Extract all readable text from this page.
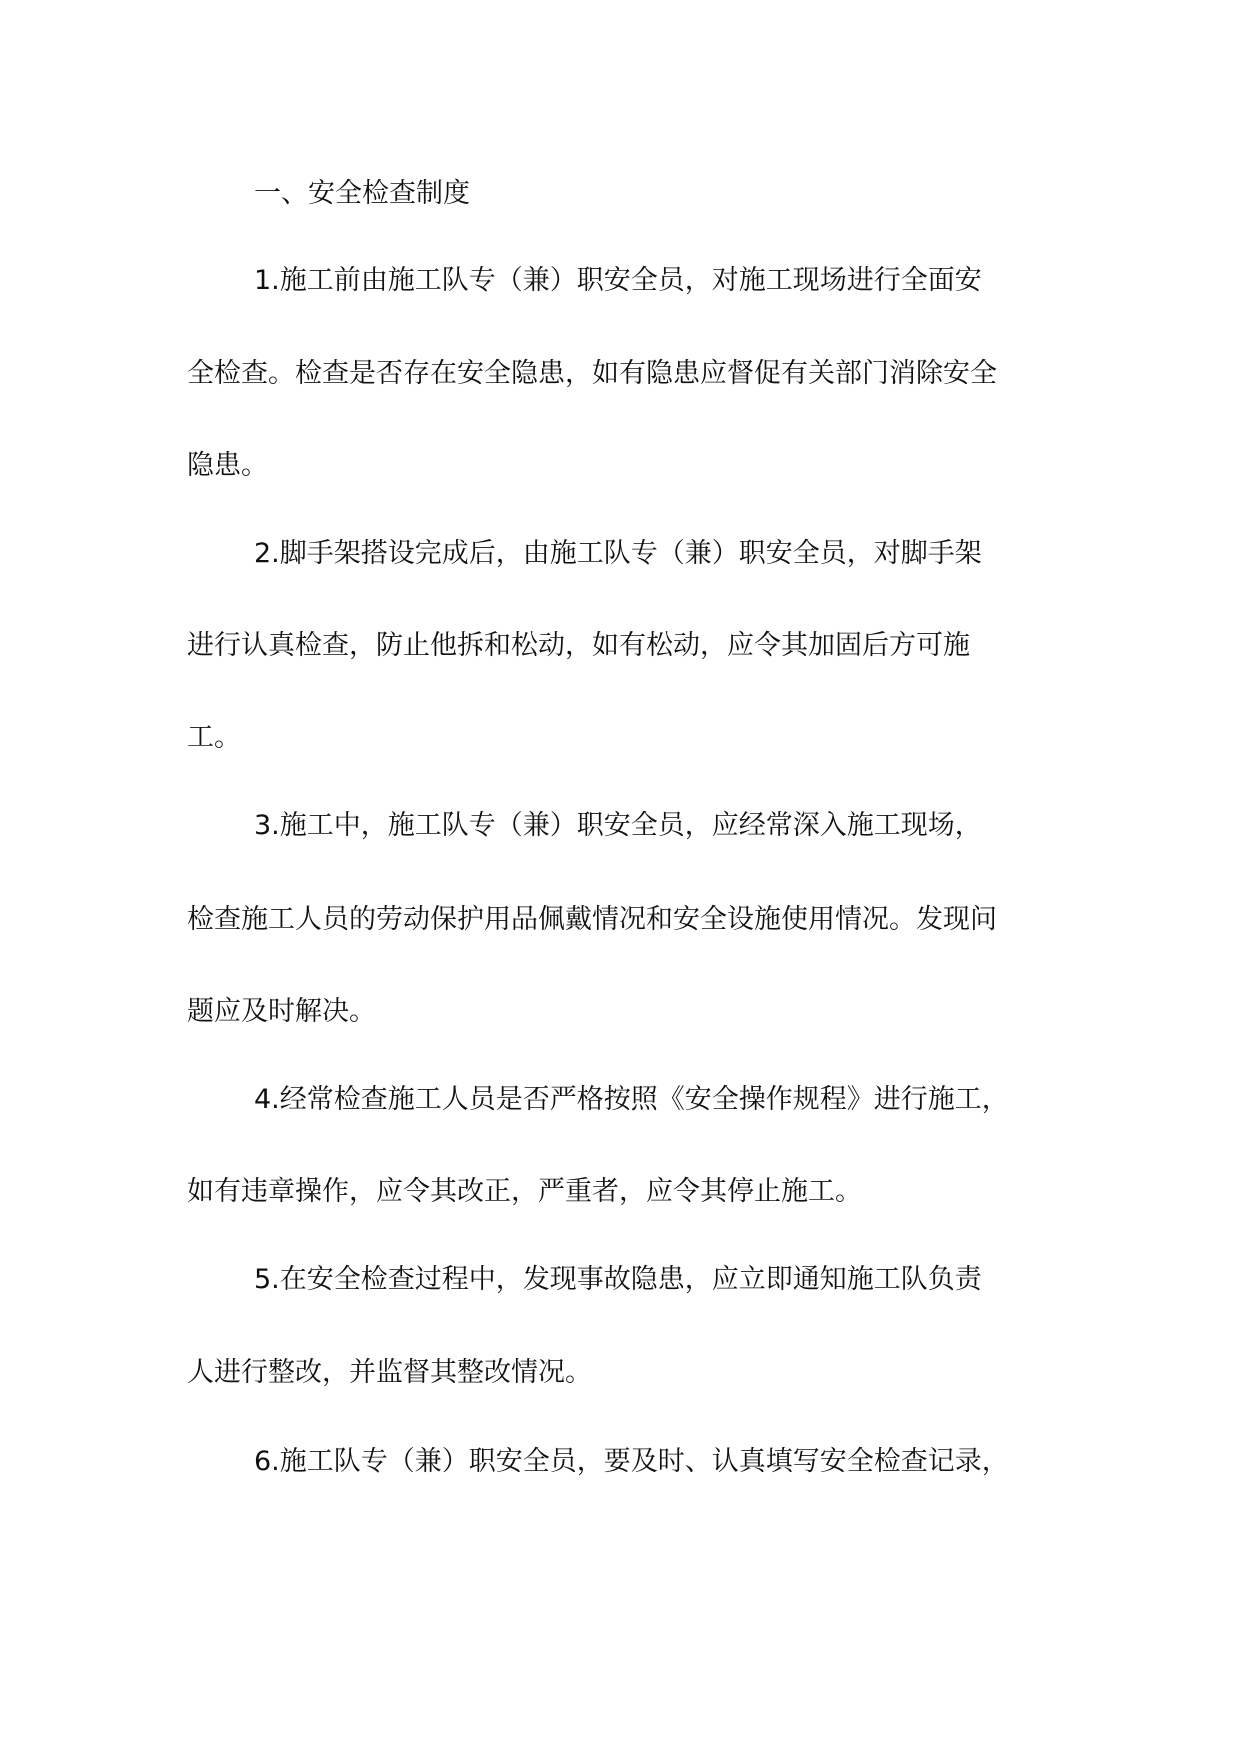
一、安全检查制度
1.施工前由施工队专（兼）职安全员，对施工现场进行全面安
全检查。检查是否存在安全隐患，如有隐患应督促有关部门消除安全
隐患。
2.脚手架搭设完成后，由施工队专（兼）职安全员，对脚手架
进行认真检查，防止他拆和松动，如有松动，应令其加固后方可施
工。
3.施工中，施工队专（兼）职安全员，应经常深入施工现场，
检查施工人员的劳动保护用品佩戴情况和安全设施使用情况。发现问
题应及时解决。
4.经常检查施工人员是否严格按照《安全操作规程》进行施工，
如有违章操作，应令其改正，严重者，应令其停止施工。
5.在安全检查过程中，发现事故隐患，应立即通知施工队负责
人进行整改，并监督其整改情况。
6.施工队专（兼）职安全员，要及时、认真填写安全检查记录，
